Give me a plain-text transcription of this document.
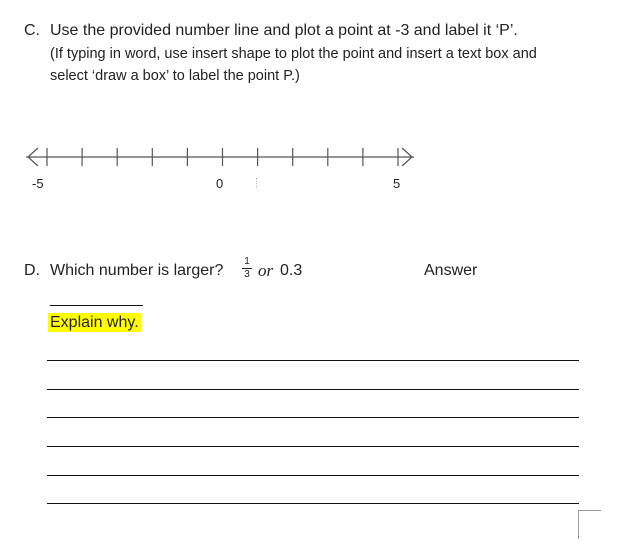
C. Use the provided number line and plot a point at -3 and label it ‘P’.
(If typing in word, use insert shape to plot the point and insert a text box and
select ‘draw a box’ to label the point P.)
-5	0	5
D. Which number is larger?
1
3 or 0.3	Answer
Explain why.
